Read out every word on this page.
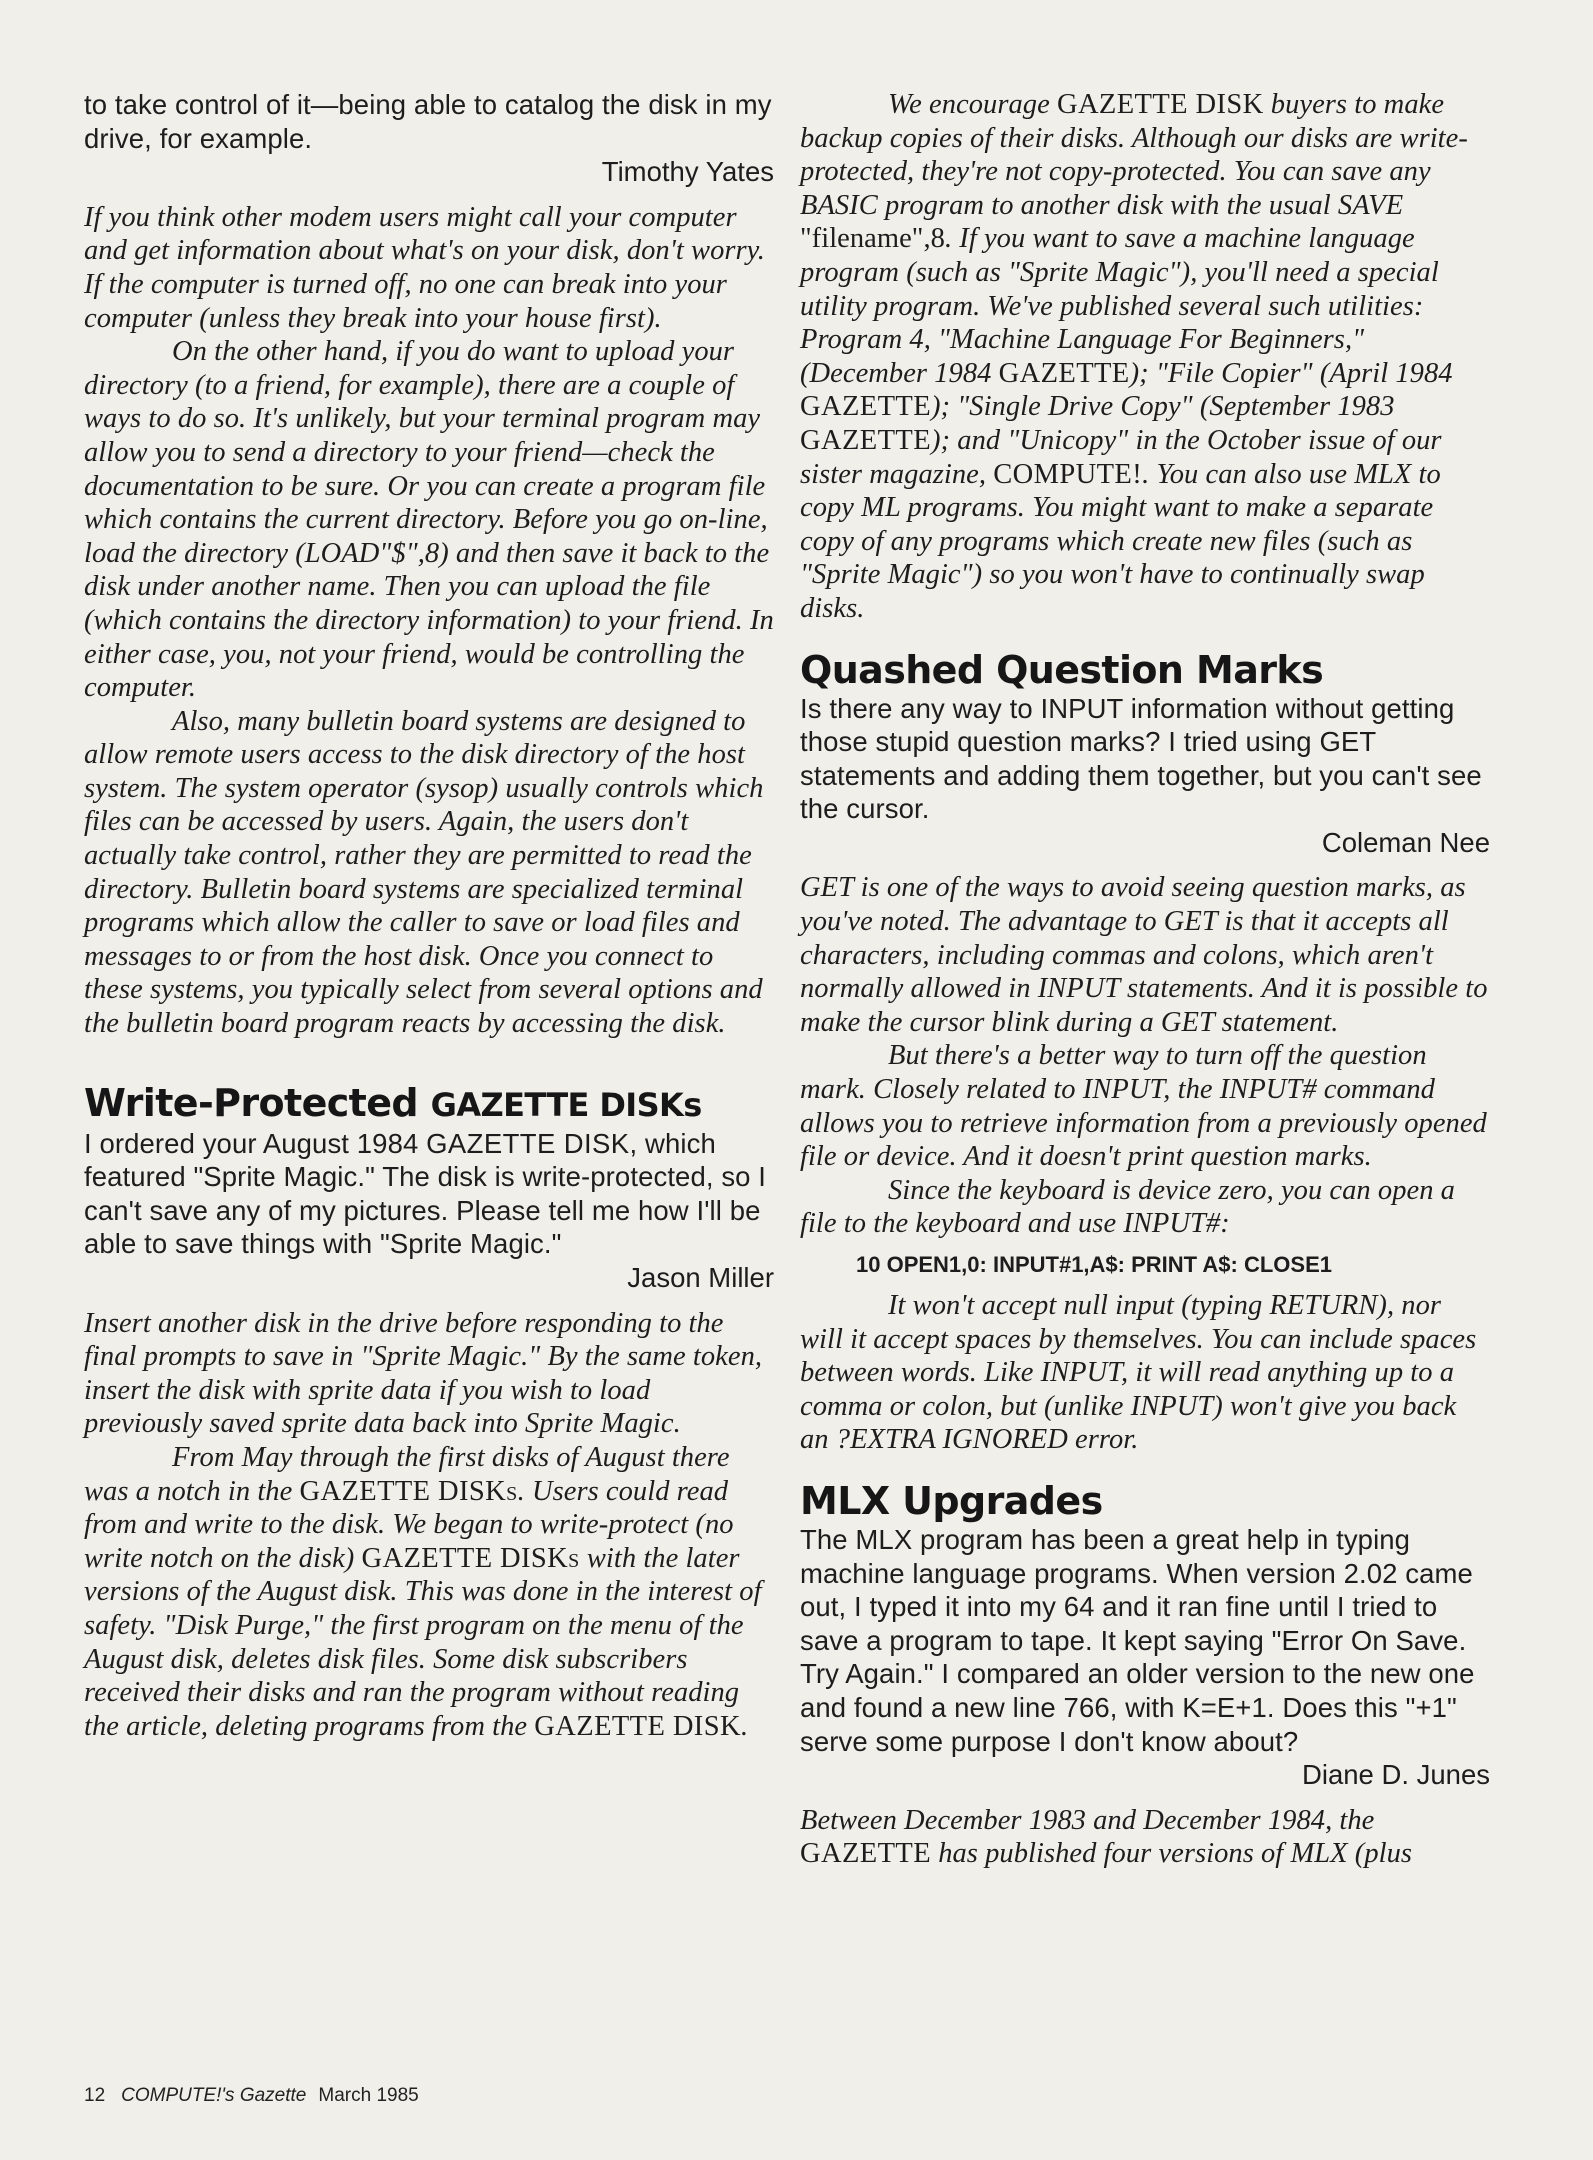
to take control of it—being able to catalog the disk in my drive, for example.

Timothy Yates

If you think other modem users might call your computer and get information about what's on your disk, don't worry. If the computer is turned off, no one can break into your computer (unless they break into your house first).

On the other hand, if you do want to upload your directory (to a friend, for example), there are a couple of ways to do so. It's unlikely, but your terminal program may allow you to send a directory to your friend—check the documentation to be sure. Or you can create a program file which contains the current directory. Before you go on-line, load the directory (LOAD"$",8) and then save it back to the disk under another name. Then you can upload the file (which contains the directory information) to your friend. In either case, you, not your friend, would be controlling the computer.

Also, many bulletin board systems are designed to allow remote users access to the disk directory of the host system. The system operator (sysop) usually controls which files can be accessed by users. Again, the users don't actually take control, rather they are permitted to read the directory. Bulletin board systems are specialized terminal programs which allow the caller to save or load files and messages to or from the host disk. Once you connect to these systems, you typically select from several options and the bulletin board program reacts by accessing the disk.

Write-Protected GAZETTE DISKs

I ordered your August 1984 GAZETTE DISK, which featured "Sprite Magic." The disk is write-protected, so I can't save any of my pictures. Please tell me how I'll be able to save things with "Sprite Magic."

Jason Miller

Insert another disk in the drive before responding to the final prompts to save in "Sprite Magic." By the same token, insert the disk with sprite data if you wish to load previously saved sprite data back into Sprite Magic.

From May through the first disks of August there was a notch in the GAZETTE DISKs. Users could read from and write to the disk. We began to write-protect (no write notch on the disk) GAZETTE DISKs with the later versions of the August disk. This was done in the interest of safety. "Disk Purge," the first program on the menu of the August disk, deletes disk files. Some disk subscribers received their disks and ran the program without reading the article, deleting programs from the GAZETTE DISK.

We encourage GAZETTE DISK buyers to make backup copies of their disks. Although our disks are write-protected, they're not copy-protected. You can save any BASIC program to another disk with the usual SAVE "filename",8. If you want to save a machine language program (such as "Sprite Magic"), you'll need a special utility program. We've published several such utilities: Program 4, "Machine Language For Beginners," (December 1984 GAZETTE); "File Copier" (April 1984 GAZETTE); "Single Drive Copy" (September 1983 GAZETTE); and "Unicopy" in the October issue of our sister magazine, COMPUTE!. You can also use MLX to copy ML programs. You might want to make a separate copy of any programs which create new files (such as "Sprite Magic") so you won't have to continually swap disks.

Quashed Question Marks

Is there any way to INPUT information without getting those stupid question marks? I tried using GET statements and adding them together, but you can't see the cursor.

Coleman Nee

GET is one of the ways to avoid seeing question marks, as you've noted. The advantage to GET is that it accepts all characters, including commas and colons, which aren't normally allowed in INPUT statements. And it is possible to make the cursor blink during a GET statement.

But there's a better way to turn off the question mark. Closely related to INPUT, the INPUT# command allows you to retrieve information from a previously opened file or device. And it doesn't print question marks.

Since the keyboard is device zero, you can open a file to the keyboard and use INPUT#:

10 OPEN1,0: INPUT#1,A$: PRINT A$: CLOSE1

It won't accept null input (typing RETURN), nor will it accept spaces by themselves. You can include spaces between words. Like INPUT, it will read anything up to a comma or colon, but (unlike INPUT) won't give you back an ?EXTRA IGNORED error.

MLX Upgrades

The MLX program has been a great help in typing machine language programs. When version 2.02 came out, I typed it into my 64 and it ran fine until I tried to save a program to tape. It kept saying "Error On Save. Try Again." I compared an older version to the new one and found a new line 766, with K=E+1. Does this "+1" serve some purpose I don't know about?

Diane D. Junes

Between December 1983 and December 1984, the GAZETTE has published four versions of MLX (plus

12 COMPUTE!'s Gazette March 1985
